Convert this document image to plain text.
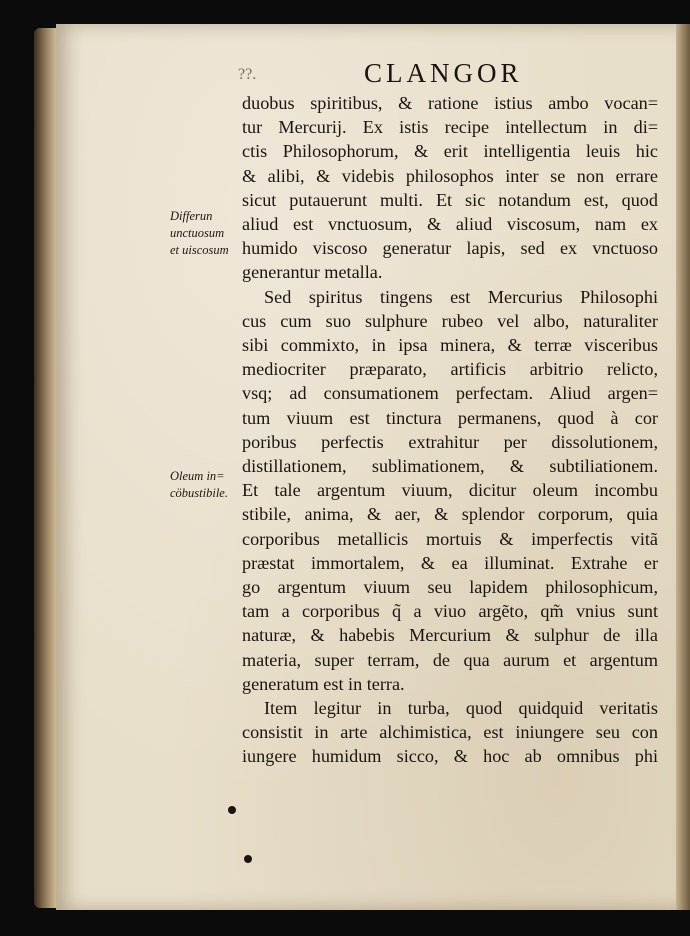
??.	CLANGOR
Differun
unctuosum
et uiscosum
Oleum in=
cöbustibile.
duobus spiritibus, & ratione istius ambo vocan=
tur Mercurij. Ex istis recipe intellectum in di=
ctis Philosophorum, & erit intelligentia leuis hic
& alibi, & videbis philosophos inter se non errare
sicut putauerunt multi. Et sic notandum est, quod
aliud est vnctuosum, & aliud viscosum, nam ex
humido viscoso generatur lapis, sed ex vnctuoso
generantur metalla.
Sed spiritus tingens est Mercurius Philosophi
cus cum suo sulphure rubeo vel albo, naturaliter
sibi commixto, in ipsa minera, & terræ visceribus
mediocriter præparato, artificis arbitrio relicto,
vsq; ad consumationem perfectam. Aliud argen=
tum viuum est tinctura permanens, quod à cor
poribus perfectis extrahitur per dissolutionem,
distillationem, sublimationem, & subtiliationem.
Et tale argentum viuum, dicitur oleum incombu
stibile, anima, & aer, & splendor corporum, quia
corporibus metallicis mortuis & imperfectis vitã
præstat immortalem, & ea illuminat. Extrahe er
go argentum viuum seu lapidem philosophicum,
tam a corporibus q̃ a viuo argẽto, qm̃ vnius sunt
naturæ, & habebis Mercurium & sulphur de illa
materia, super terram, de qua aurum et argentum
generatum est in terra.
Item legitur in turba, quod quidquid veritatis
consistit in arte alchimistica, est iniungere seu con
iungere humidum sicco, & hoc ab omnibus phi
